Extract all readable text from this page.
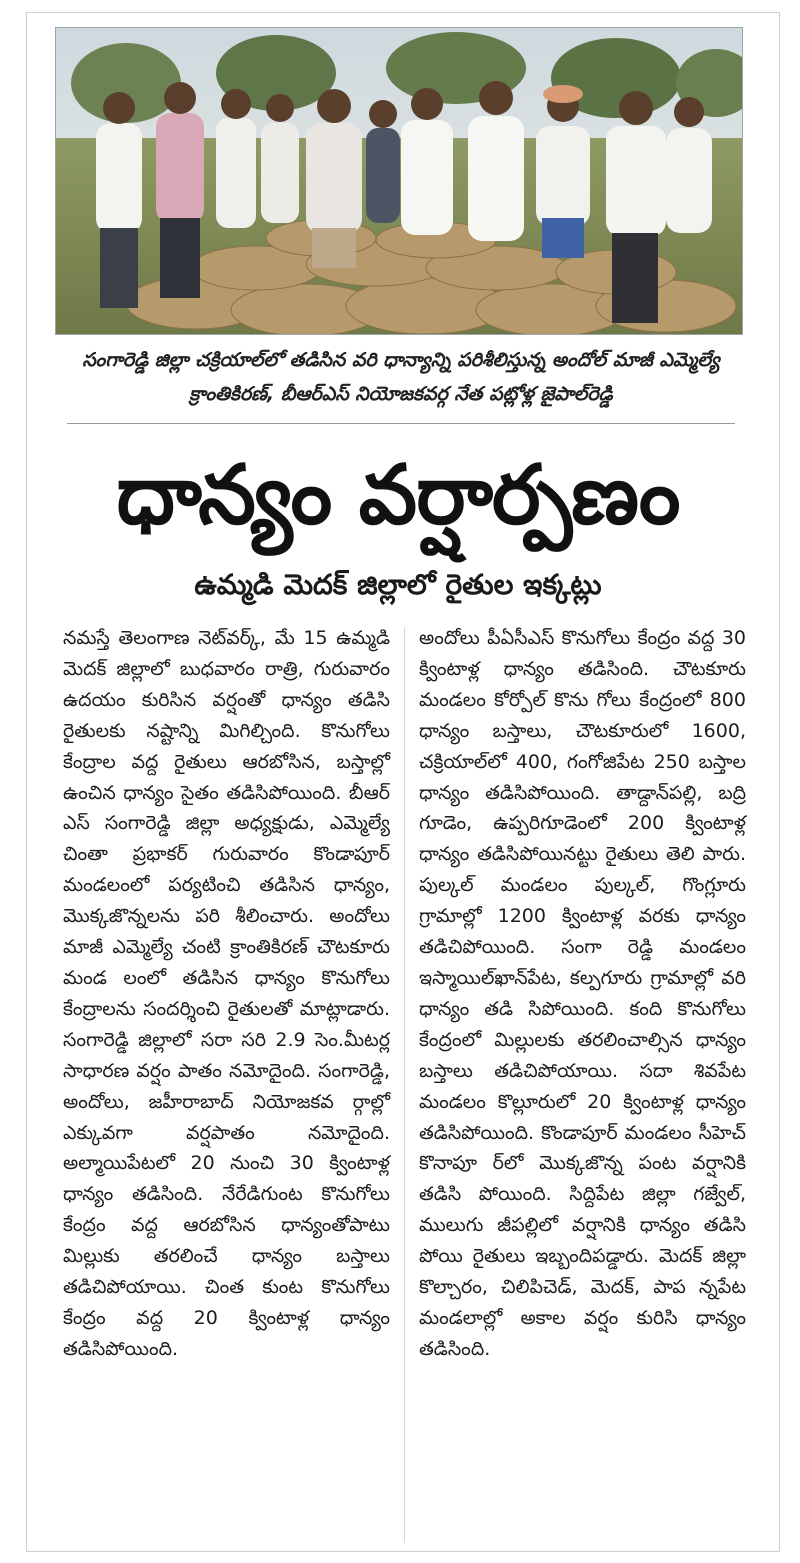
సంగారెడ్డి జిల్లా చక్రియాల్‌లో తడిసిన వరి ధాన్యాన్ని పరిశీలిస్తున్న అందోల్ మాజీ ఎమ్మెల్యే క్రాంతికిరణ్, బీఆర్‌ఎస్ నియోజకవర్గ నేత పట్లోళ్ల జైపాల్‌రెడ్డి
ధాన్యం వర్షార్పణం
ఉమ్మడి మెదక్ జిల్లాలో రైతుల ఇక్కట్లు
నమస్తే తెలంగాణ నెట్‌వర్క్, మే 15 ఉమ్మడి మెదక్ జిల్లాలో బుధవారం రాత్రి, గురువారం ఉదయం కురిసిన వర్షంతో ధాన్యం తడిసి రైతులకు నష్టాన్ని మిగిల్చింది. కొనుగోలు కేంద్రాల వద్ద రైతులు ఆరబోసిన, బస్తాల్లో ఉంచిన ధాన్యం సైతం తడిసిపోయింది. బీఆర్ ఎస్ సంగారెడ్డి జిల్లా అధ్యక్షుడు, ఎమ్మెల్యే చింతా ప్రభాకర్ గురువారం కొండాపూర్ మండలంలో పర్యటించి తడిసిన ధాన్యం, మొక్కజొన్నలను పరి శీలించారు. అందోలు మాజీ ఎమ్మెల్యే చంటి క్రాంతికిరణ్ చౌటకూరు మండ లంలో తడిసిన ధాన్యం కొనుగోలు కేంద్రాలను సందర్శించి రైతులతో మాట్లాడారు. సంగారెడ్డి జిల్లాలో సరా సరి 2.9 సెం.మీటర్ల సాధారణ వర్షం పాతం నమోదైంది. సంగారెడ్డి, అందోలు, జహీరాబాద్ నియోజకవ ర్గాల్లో ఎక్కువగా వర్షపాతం నమోదైంది. అల్మాయిపేటలో 20 నుంచి 30 క్వింటాళ్ల ధాన్యం తడిసింది. నేరేడిగుంట కొనుగోలు కేంద్రం వద్ద ఆరబోసిన ధాన్యంతోపాటు మిల్లుకు తరలించే ధాన్యం బస్తాలు తడిచిపోయాయి. చింత కుంట కొనుగోలు కేంద్రం వద్ద 20 క్వింటాళ్ల ధాన్యం తడిసిపోయింది.
అందోలు పీఏసీఎస్ కొనుగోలు కేంద్రం వద్ద 30 క్వింటాళ్ల ధాన్యం తడిసింది. చౌటకూరు మండలం కోర్పోల్ కొను గోలు కేంద్రంలో 800 ధాన్యం బస్తాలు, చౌటకూరులో 1600, చక్రియాల్‌లో 400, గంగోజిపేట 250 బస్తాల ధాన్యం తడిసిపోయింది. తాడ్దాన్‌పల్లి, బద్రి గూడెం, ఉప్పరిగూడెంలో 200 క్వింటాళ్ల ధాన్యం తడిసిపోయినట్టు రైతులు తెలి పారు. పుల్కల్ మండలం పుల్కల్, గొంగ్లూరు గ్రామాల్లో 1200 క్వింటాళ్ల వరకు ధాన్యం తడిచిపోయింది. సంగా రెడ్డి మండలం ఇస్మాయిల్‌ఖాన్‌పేట, కల్పగూరు గ్రామాల్లో వరి ధాన్యం తడి సిపోయింది. కంది కొనుగోలు కేంద్రంలో మిల్లులకు తరలించాల్సిన ధాన్యం బస్తాలు తడిచిపోయాయి. సదా శివపేట మండలం కొల్లూరులో 20 క్వింటాళ్ల ధాన్యం తడిసిపోయింది. కొండాపూర్ మండలం సీహెచ్ కొనాపూ ర్‌లో మొక్కజొన్న పంట వర్షానికి తడిసి పోయింది. సిద్దిపేట జిల్లా గజ్వేల్, ములుగు జీపల్లిలో వర్షానికి ధాన్యం తడిసి పోయి రైతులు ఇబ్బందిపడ్డారు. మెదక్ జిల్లా కొల్చారం, చిలిపిచెడ్, మెదక్, పాప న్నపేట మండలాల్లో అకాల వర్షం కురిసి ధాన్యం తడిసింది.
